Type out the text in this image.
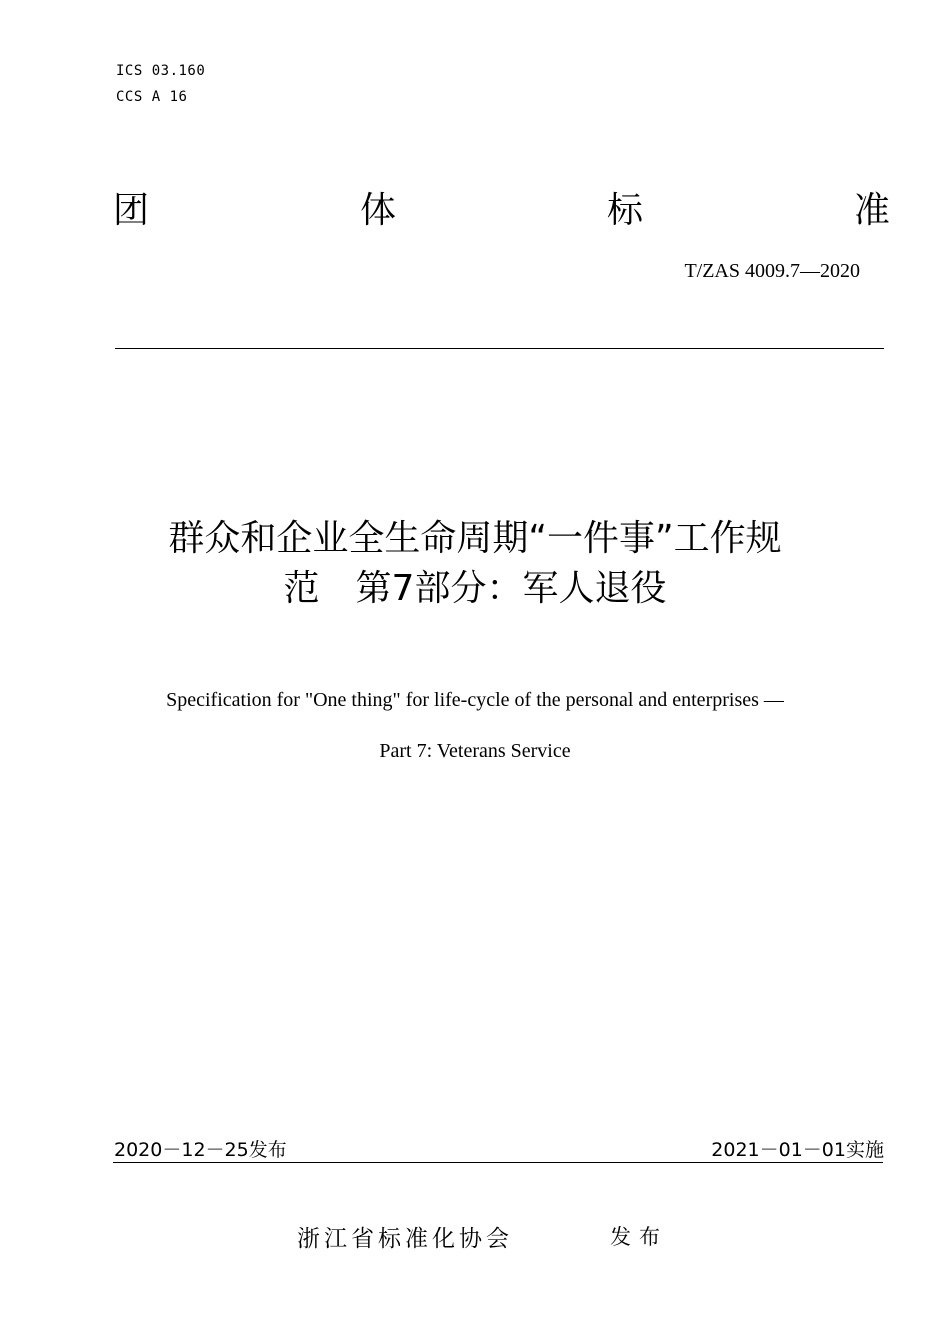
ICS 03.160
CCS A 16
团	体	标	准
T/ZAS 4009.7—2020
群众和企业全生命周期“一件事”工作规
范　第7部分：军人退役
Specification for "One thing" for life-cycle of the personal and enterprises —
Part 7: Veterans Service
2020－12－25发布	2021－01－01实施
浙江省标准化协会	发布
